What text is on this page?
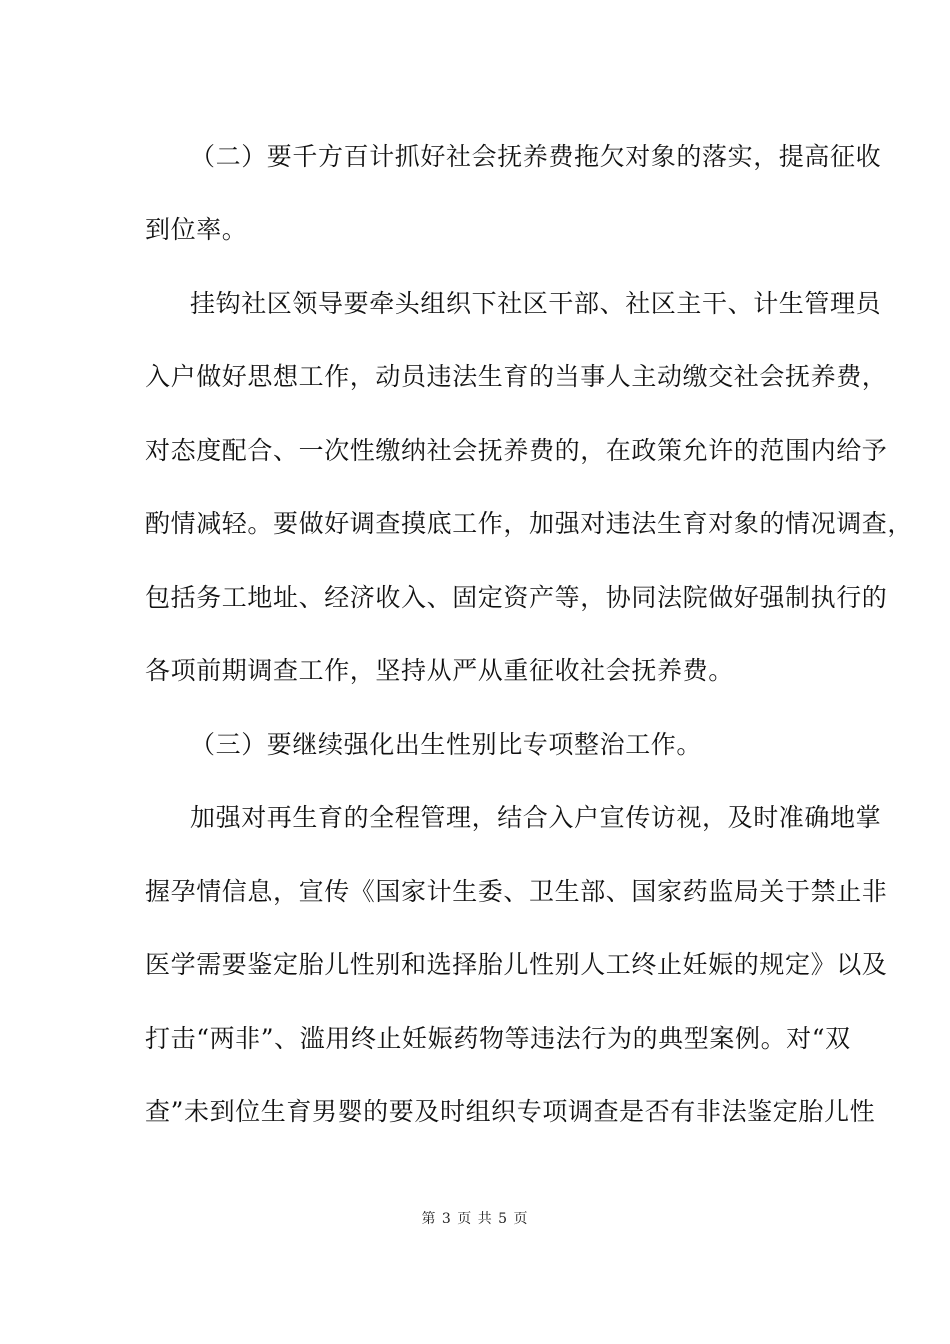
（二）要千方百计抓好社会抚养费拖欠对象的落实，提高征收
到位率。
挂钩社区领导要牵头组织下社区干部、社区主干、计生管理员
入户做好思想工作，动员违法生育的当事人主动缴交社会抚养费，
对态度配合、一次性缴纳社会抚养费的，在政策允许的范围内给予
酌情减轻。要做好调查摸底工作，加强对违法生育对象的情况调查，
包括务工地址、经济收入、固定资产等，协同法院做好强制执行的
各项前期调查工作，坚持从严从重征收社会抚养费。
（三）要继续强化出生性别比专项整治工作。
加强对再生育的全程管理，结合入户宣传访视，及时准确地掌
握孕情信息，宣传《国家计生委、卫生部、国家药监局关于禁止非
医学需要鉴定胎儿性别和选择胎儿性别人工终止妊娠的规定》以及
打击“两非”、滥用终止妊娠药物等违法行为的典型案例。对“双
查”未到位生育男婴的要及时组织专项调查是否有非法鉴定胎儿性
第 3 页 共 5 页
